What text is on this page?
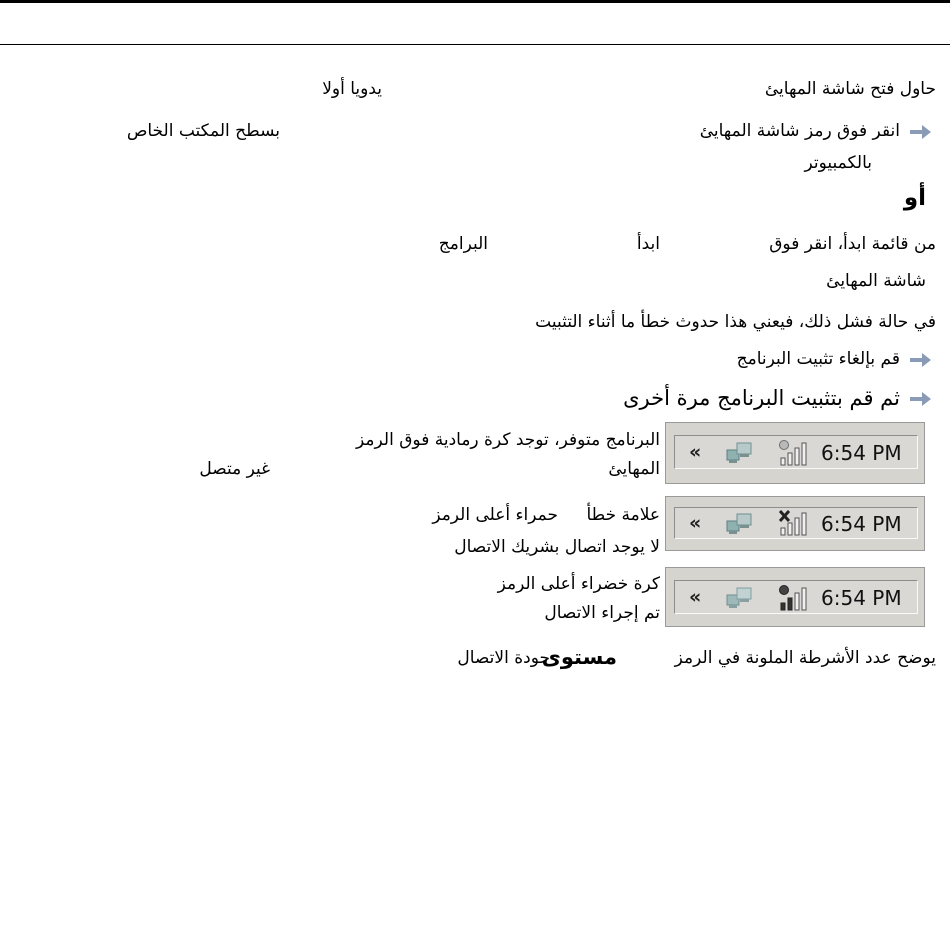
حاول فتح شاشة المهايئ
يدويا أولا
انقر فوق رمز شاشة المهايئ
بسطح المكتب الخاص
بالكمبيوتر
أو
من قائمة ابدأ، انقر فوق
ابدأ
البرامج
شاشة المهايئ
في حالة فشل ذلك، فيعني هذا حدوث خطأ ما أثناء التثبيت
قم بإلغاء تثبيت البرنامج
ثم قم بتثبيت البرنامج مرة أخرى
«	6:54 PM
البرنامج متوفر، توجد كرة رمادية فوق الرمز
المهايئ
غير متصل
«	6:54 PM
علامة خطأ
حمراء أعلى الرمز
لا يوجد اتصال بشريك الاتصال
«	6:54 PM
كرة خضراء أعلى الرمز
تم إجراء الاتصال
يوضح عدد الأشرطة الملونة في الرمز
مستوى
جودة الاتصال
